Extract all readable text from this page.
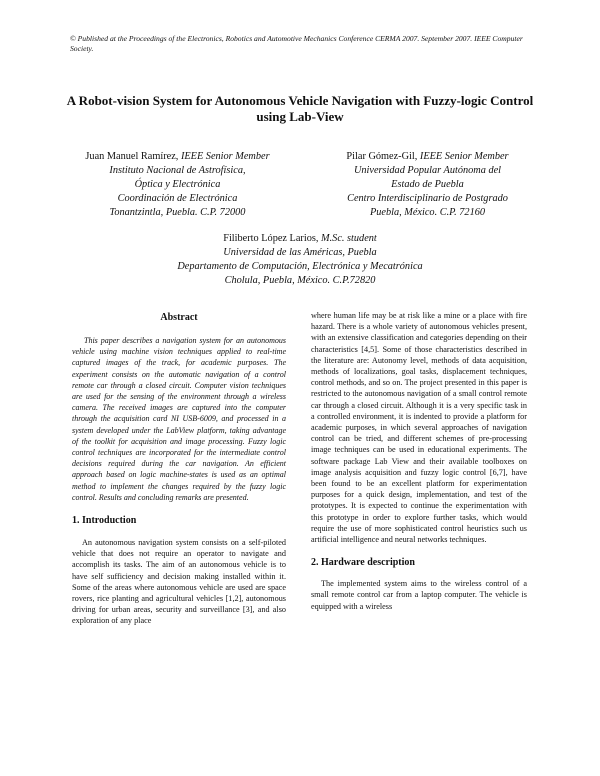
© Published at the Proceedings of the Electronics, Robotics and Automotive Mechanics Conference CERMA 2007. September 2007. IEEE Computer Society.
A Robot-vision System for Autonomous Vehicle Navigation with Fuzzy-logic Control using Lab-View
Juan Manuel Ramírez, IEEE Senior Member
Instituto Nacional de Astrofísica,
Óptica y Electrónica
Coordinación de Electrónica
Tonantzintla, Puebla. C.P. 72000
Pilar Gómez-Gil, IEEE Senior Member
Universidad Popular Autónoma del
Estado de Puebla
Centro Interdisciplinario de Postgrado
Puebla, México. C.P. 72160
Filiberto López Larios, M.Sc. student
Universidad de las Américas, Puebla
Departamento de Computación, Electrónica y Mecatrónica
Cholula, Puebla, México. C.P.72820
Abstract

This paper describes a navigation system for an autonomous vehicle using machine vision techniques applied to real-time captured images of the track, for academic purposes. The experiment consists on the automatic navigation of a control remote car through a closed circuit. Computer vision techniques are used for the sensing of the environment through a wireless camera. The received images are captured into the computer through the acquisition card NI USB-6009, and processed in a system developed under the LabView platform, taking advantage of the toolkit for acquisition and image processing. Fuzzy logic control techniques are incorporated for the intermediate control decisions required during the car navigation. An efficient approach based on logic machine-states is used as an optimal method to implement the changes required by the fuzzy logic control. Results and concluding remarks are presented.

1. Introduction

An autonomous navigation system consists on a self-piloted vehicle that does not require an operator to navigate and accomplish its tasks. The aim of an autonomous vehicle is to have self sufficiency and decision making installed within it. Some of the areas where autonomous vehicle are used are space rovers, rice planting and agricultural vehicles [1,2], autonomous driving for urban areas, security and surveillance [3], and also exploration of any place

where human life may be at risk like a mine or a place with fire hazard. There is a whole variety of autonomous vehicles present, with an extensive classification and categories depending on their characteristics [4,5]. Some of those characteristics described in the literature are: Autonomy level, methods of data acquisition, methods of localizations, goal tasks, displacement techniques, control methods, and so on. The project presented in this paper is restricted to the autonomous navigation of a small control remote car through a closed circuit. Although it is a very specific task in a controlled environment, it is indented to provide a platform for academic purposes, in which several approaches of navigation control can be tried, and different schemes of pre-processing image techniques can be used in educational experiments. The software package Lab View and their available toolboxes on image analysis acquisition and fuzzy logic control [6,7], have been found to be an excellent platform for experimentation purposes for a quick design, implementation, and test of the prototypes. It is expected to continue the experimentation with this prototype in order to explore further tasks, which would require the use of more sophisticated control heuristics such us artificial intelligence and neural networks techniques.

2. Hardware description

The implemented system aims to the wireless control of a small remote control car from a laptop computer. The vehicle is equipped with a wireless
